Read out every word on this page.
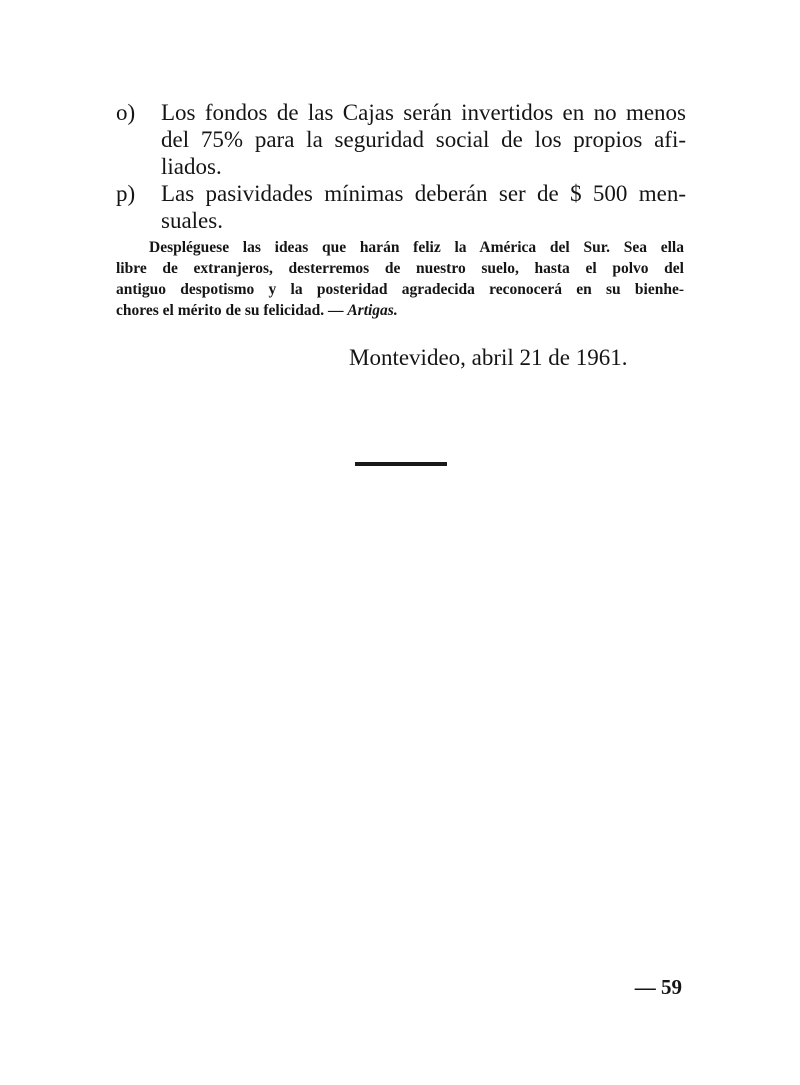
o) Los fondos de las Cajas serán invertidos en no menos
del 75% para la seguridad social de los propios afi-
liados.
p) Las pasividades mínimas deberán ser de $ 500 men-
suales.
Despléguese las ideas que harán feliz la América del Sur. Sea ella
libre de extranjeros, desterremos de nuestro suelo, hasta el polvo del
antiguo despotismo y la posteridad agradecida reconocerá en su bienhe-
chores el mérito de su felicidad. — Artigas.
Montevideo, abril 21 de 1961.
— 59
